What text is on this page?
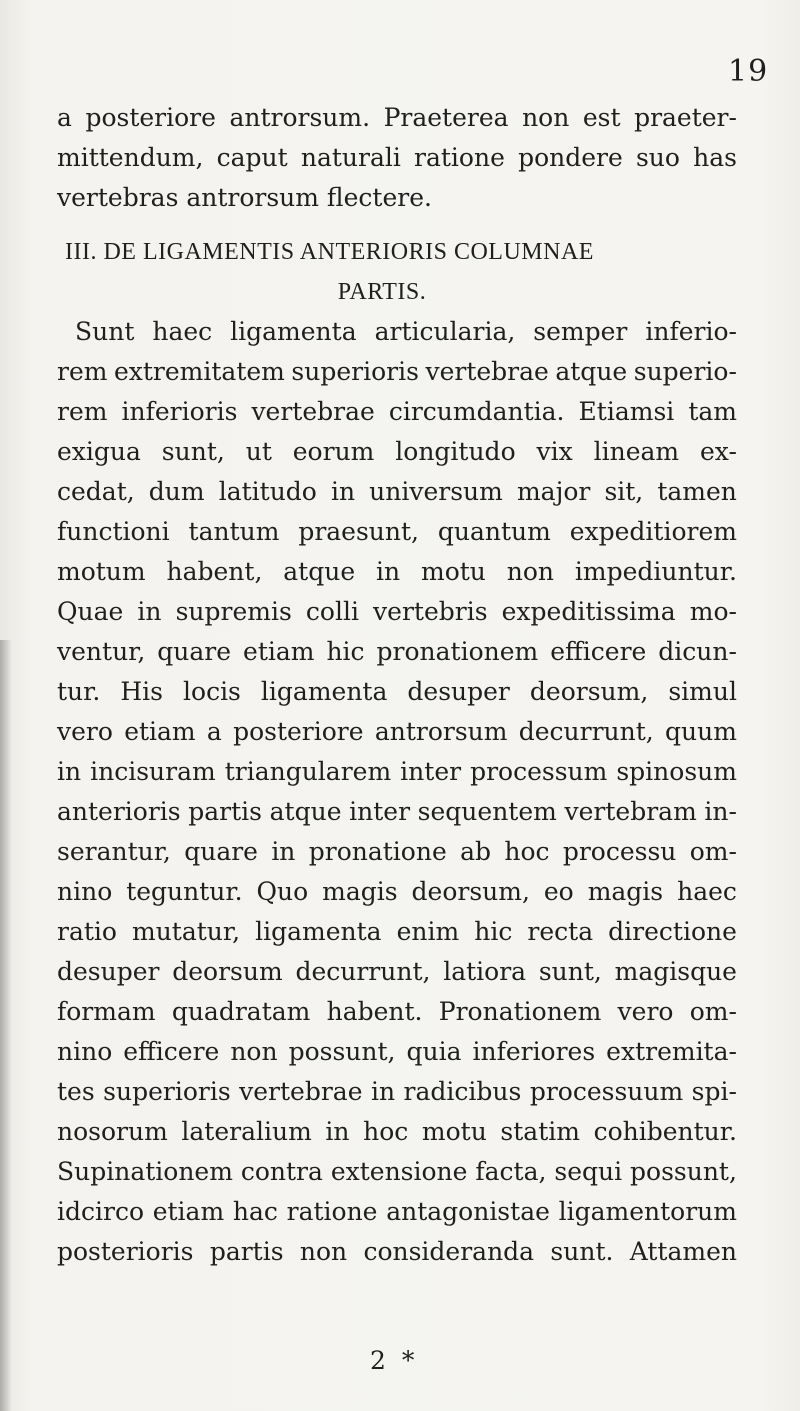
19
a posteriore antrorsum. Praeterea non est praeter-
mittendum, caput naturali ratione pondere suo has
vertebras antrorsum flectere.
III. DE LIGAMENTIS ANTERIORIS COLUMNAE
PARTIS.
Sunt haec ligamenta articularia, semper inferio-
rem extremitatem superioris vertebrae atque superio-
rem inferioris vertebrae circumdantia. Etiamsi tam
exigua sunt, ut eorum longitudo vix lineam ex-
cedat, dum latitudo in universum major sit, tamen
functioni tantum praesunt, quantum expeditiorem
motum habent, atque in motu non impediuntur.
Quae in supremis colli vertebris expeditissima mo-
ventur, quare etiam hic pronationem efficere dicun-
tur. His locis ligamenta desuper deorsum, simul
vero etiam a posteriore antrorsum decurrunt, quum
in incisuram triangularem inter processum spinosum
anterioris partis atque inter sequentem vertebram in-
serantur, quare in pronatione ab hoc processu om-
nino teguntur. Quo magis deorsum, eo magis haec
ratio mutatur, ligamenta enim hic recta directione
desuper deorsum decurrunt, latiora sunt, magisque
formam quadratam habent. Pronationem vero om-
nino efficere non possunt, quia inferiores extremita-
tes superioris vertebrae in radicibus processuum spi-
nosorum lateralium in hoc motu statim cohibentur.
Supinationem contra extensione facta, sequi possunt,
idcirco etiam hac ratione antagonistae ligamentorum
posterioris partis non consideranda sunt. Attamen
2 *
